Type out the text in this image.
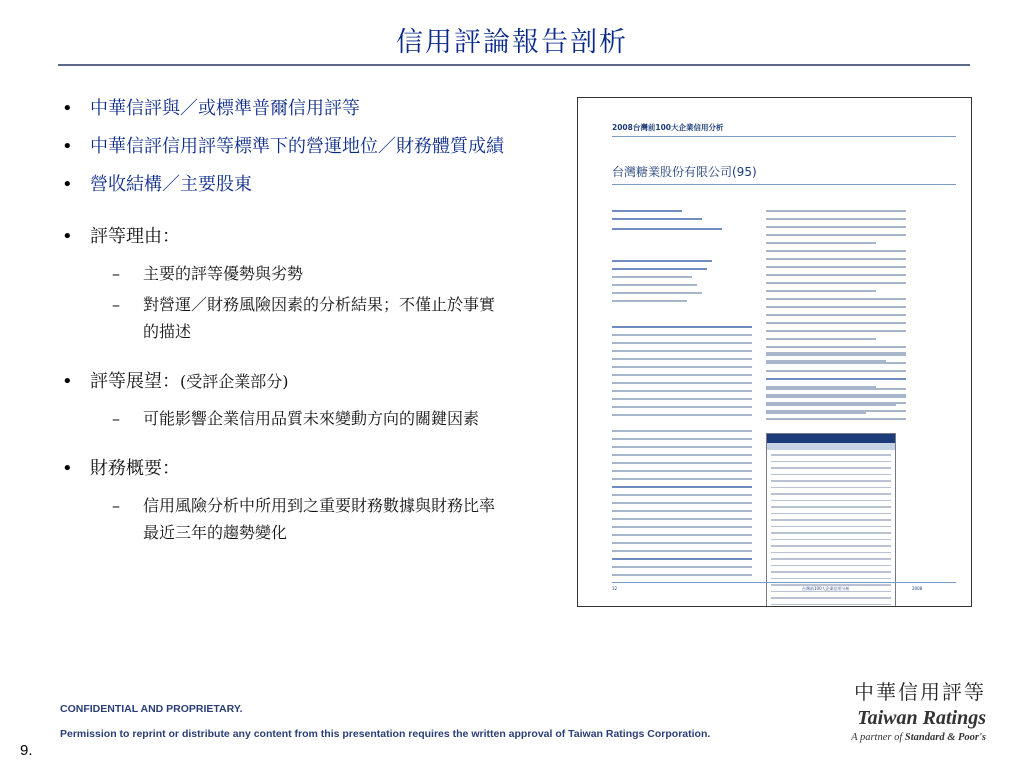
信用評論報告剖析
• 中華信評與／或標準普爾信用評等
• 中華信評信用評等標準下的營運地位／財務體質成績
• 營收結構／主要股東
• 評等理由：
– 主要的評等優勢與劣勢
– 對營運／財務風險因素的分析結果；不僅止於事實的描述
• 評等展望：(受評企業部分)
– 可能影響企業信用品質未來變動方向的關鍵因素
• 財務概要：
– 信用風險分析中所用到之重要財務數據與財務比率最近三年的趨勢變化
2008台灣前100大企業信用分析
台灣糖業股份有限公司(95)
12	台灣前100大企業信用分析	2008
CONFIDENTIAL AND PROPRIETARY.
Permission to reprint or distribute any content from this presentation requires the written approval of Taiwan Ratings Corporation.
9.
中華信用評等
Taiwan Ratings
A partner of Standard & Poor's
